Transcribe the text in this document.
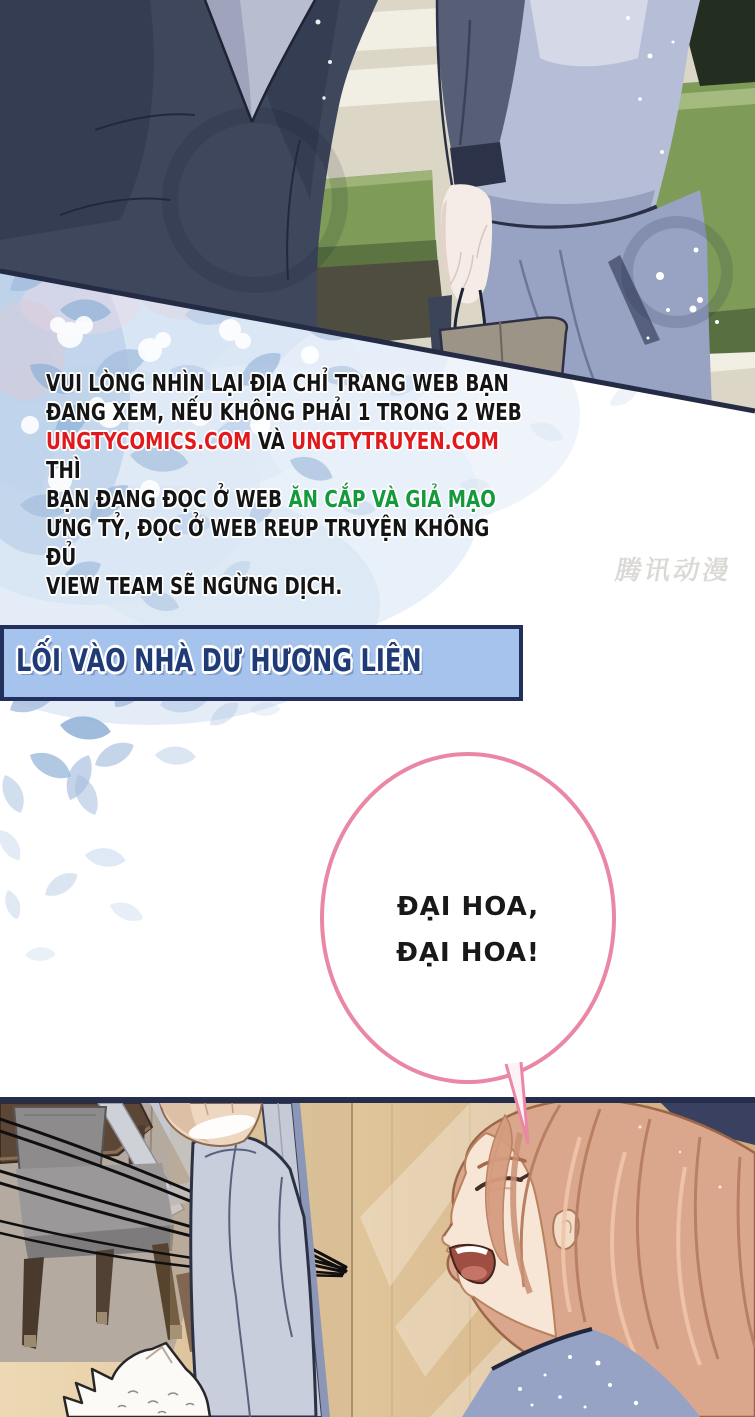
VUI LÒNG NHÌN LẠI ĐỊA CHỈ TRANG WEB BẠN
ĐANG XEM, NẾU KHÔNG PHẢI 1 TRONG 2 WEB
UNGTYCOMICS.COM VÀ UNGTYTRUYEN.COM THÌ
BẠN ĐANG ĐỌC Ở WEB ĂN CẮP VÀ GIẢ MẠO
ƯNG TỶ, ĐỌC Ở WEB REUP TRUYỆN KHÔNG ĐỦ
VIEW TEAM SẼ NGỪNG DỊCH.	腾讯动漫
LỐI VÀO NHÀ DƯ HƯƠNG LIÊN
ĐẠI HOA,
ĐẠI HOA!
